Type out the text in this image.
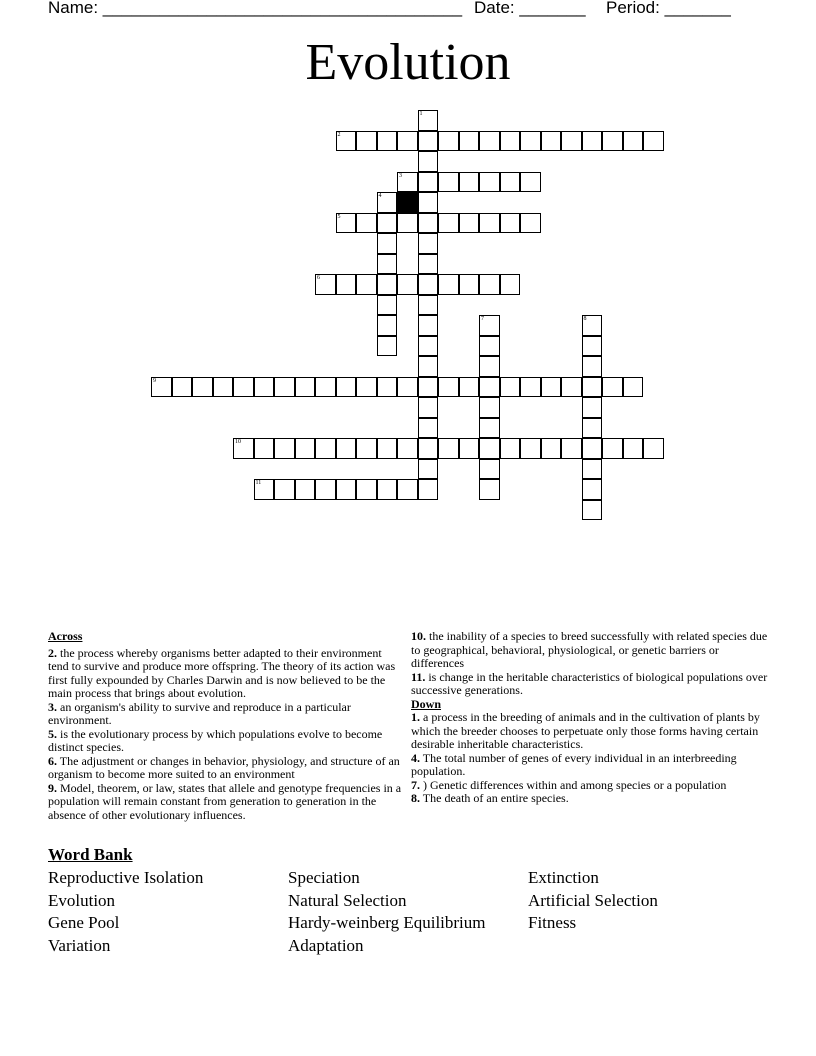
Name: ______________________________________ Date: _______ Period: _______
Evolution
1
2
3
4
5
6
7	8
9
10
11
Across

2. the process whereby organisms better adapted to their environment tend to survive and produce more offspring. The theory of its action was first fully expounded by Charles Darwin and is now believed to be the main process that brings about evolution.

3. an organism's ability to survive and reproduce in a particular environment.

5. is the evolutionary process by which populations evolve to become distinct species.

6. The adjustment or changes in behavior, physiology, and structure of an organism to become more suited to an environment

9. Model, theorem, or law, states that allele and genotype frequencies in a population will remain constant from generation to generation in the absence of other evolutionary influences.

10. the inability of a species to breed successfully with related species due to geographical, behavioral, physiological, or genetic barriers or differences

11. is change in the heritable characteristics of biological populations over successive generations.

Down

1. a process in the breeding of animals and in the cultivation of plants by which the breeder chooses to perpetuate only those forms having certain desirable inheritable characteristics.

4. The total number of genes of every individual in an interbreeding population.

7. ) Genetic differences within and among species or a population

8. The death of an entire species.

Word Bank
Reproductive Isolation
Evolution
Gene Pool
Variation
Speciation
Natural Selection
Hardy-weinberg Equilibrium
Adaptation
Extinction
Artificial Selection
Fitness
